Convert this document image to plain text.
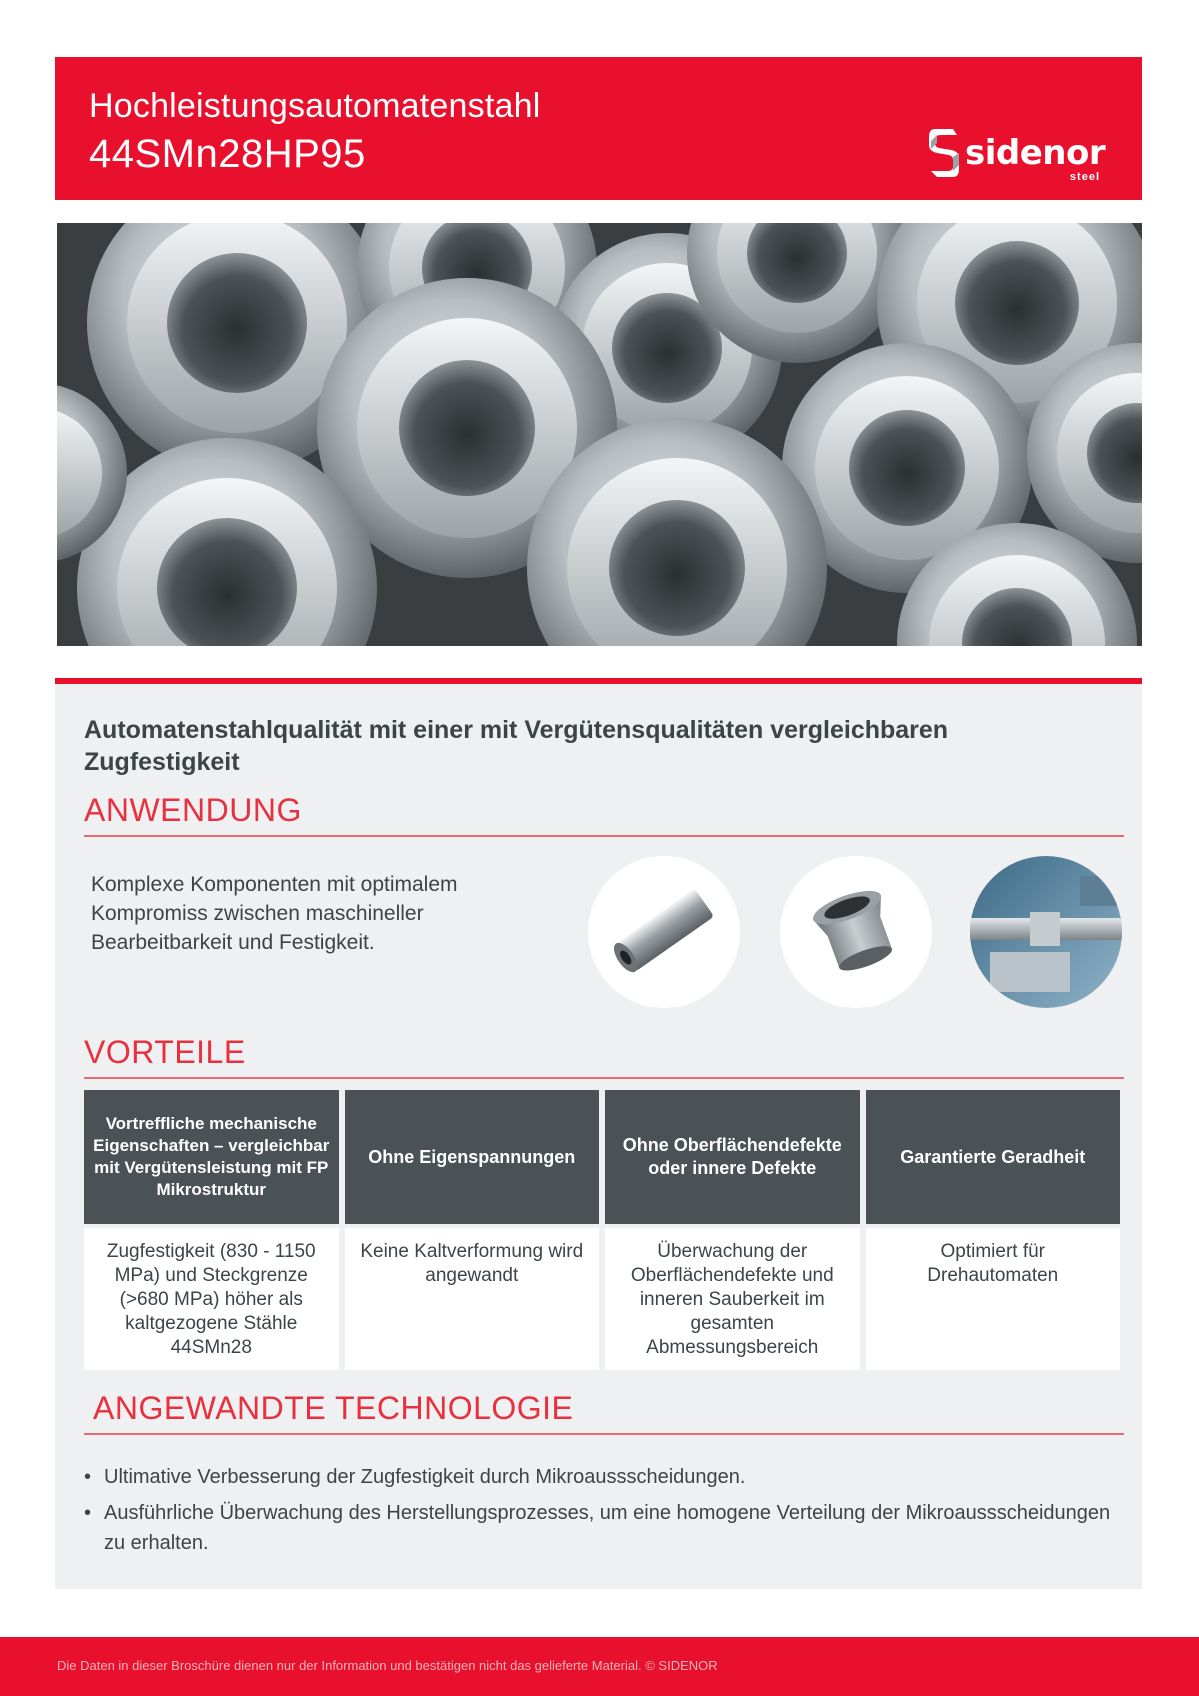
Hochleistungsautomatenstahl
44SMn28HP95	sidenor
steel
Automatenstahlqualität mit einer mit Vergütensqualitäten vergleichbaren Zugfestigkeit
ANWENDUNG
Komplexe Komponenten mit optimalem Kompromiss zwischen maschineller Bearbeitbarkeit und Festigkeit.
VORTEILE
Vortreffliche mechanische Eigenschaften – vergleichbar mit Vergütensleistung mit FP Mikrostruktur
Ohne Eigenspannungen
Ohne Oberflächendefekte oder innere Defekte
Garantierte Geradheit
Zugfestigkeit (830 - 1150 MPa) und Steckgrenze (>680 MPa) höher als kaltgezogene Stähle 44SMn28
Keine Kaltverformung wird angewandt
Überwachung der Oberflächendefekte und inneren Sauberkeit im gesamten Abmessungsbereich
Optimiert für Drehautomaten
ANGEWANDTE TECHNOLOGIE
• Ultimative Verbesserung der Zugfestigkeit durch Mikroaussscheidungen.
• Ausführliche Überwachung des Herstellungsprozesses, um eine homogene Verteilung der Mikroaussscheidungen zu erhalten.
Die Daten in dieser Broschüre dienen nur der Information und bestätigen nicht das gelieferte Material. © SIDENOR
